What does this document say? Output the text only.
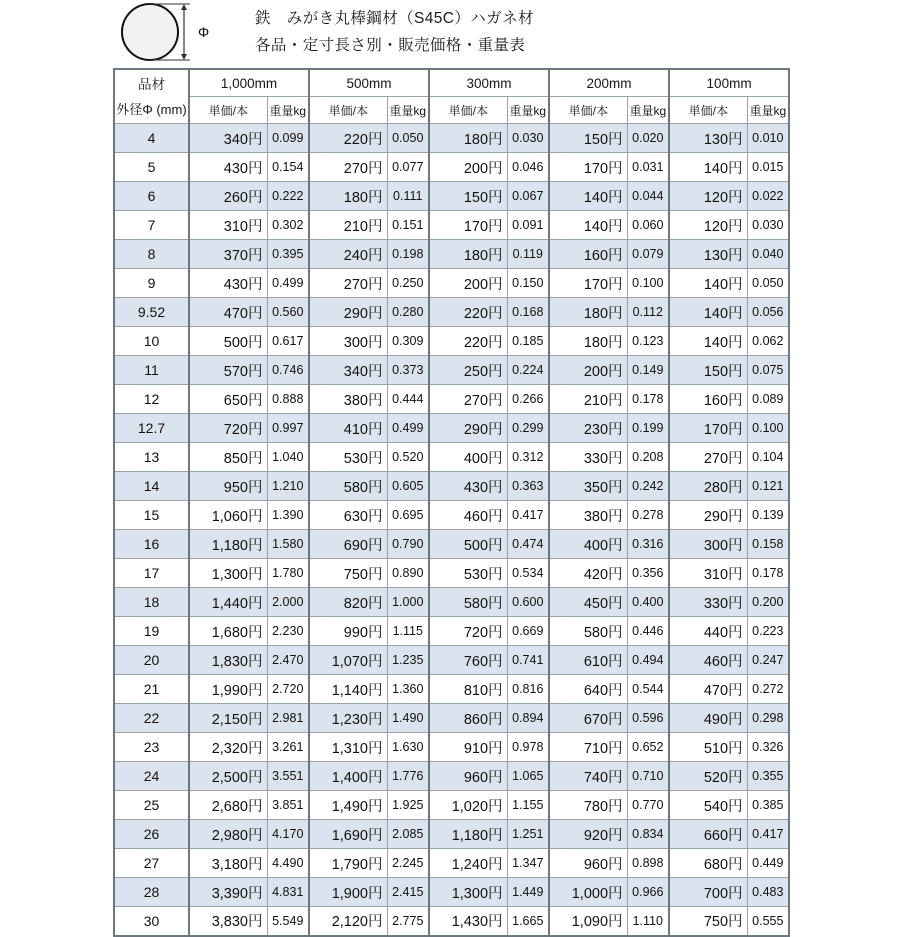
Φ
鉄　みがき丸棒鋼材（S45C）ハガネ材
各品・定寸長さ別・販売価格・重量表
品材
外径Φ (mm)	1,000mm		500mm		300mm		200mm		100mm	
	単価/本	重量kg	単価/本	重量kg	単価/本	重量kg	単価/本	重量kg	単価/本	重量kg
4	340円	0.099	220円	0.050	180円	0.030	150円	0.020	130円	0.010
5	430円	0.154	270円	0.077	200円	0.046	170円	0.031	140円	0.015
6	260円	0.222	180円	0.111	150円	0.067	140円	0.044	120円	0.022
7	310円	0.302	210円	0.151	170円	0.091	140円	0.060	120円	0.030
8	370円	0.395	240円	0.198	180円	0.119	160円	0.079	130円	0.040
9	430円	0.499	270円	0.250	200円	0.150	170円	0.100	140円	0.050
9.52	470円	0.560	290円	0.280	220円	0.168	180円	0.112	140円	0.056
10	500円	0.617	300円	0.309	220円	0.185	180円	0.123	140円	0.062
11	570円	0.746	340円	0.373	250円	0.224	200円	0.149	150円	0.075
12	650円	0.888	380円	0.444	270円	0.266	210円	0.178	160円	0.089
12.7	720円	0.997	410円	0.499	290円	0.299	230円	0.199	170円	0.100
13	850円	1.040	530円	0.520	400円	0.312	330円	0.208	270円	0.104
14	950円	1.210	580円	0.605	430円	0.363	350円	0.242	280円	0.121
15	1,060円	1.390	630円	0.695	460円	0.417	380円	0.278	290円	0.139
16	1,180円	1.580	690円	0.790	500円	0.474	400円	0.316	300円	0.158
17	1,300円	1.780	750円	0.890	530円	0.534	420円	0.356	310円	0.178
18	1,440円	2.000	820円	1.000	580円	0.600	450円	0.400	330円	0.200
19	1,680円	2.230	990円	1.115	720円	0.669	580円	0.446	440円	0.223
20	1,830円	2.470	1,070円	1.235	760円	0.741	610円	0.494	460円	0.247
21	1,990円	2.720	1,140円	1.360	810円	0.816	640円	0.544	470円	0.272
22	2,150円	2.981	1,230円	1.490	860円	0.894	670円	0.596	490円	0.298
23	2,320円	3.261	1,310円	1.630	910円	0.978	710円	0.652	510円	0.326
24	2,500円	3.551	1,400円	1.776	960円	1.065	740円	0.710	520円	0.355
25	2,680円	3.851	1,490円	1.925	1,020円	1.155	780円	0.770	540円	0.385
26	2,980円	4.170	1,690円	2.085	1,180円	1.251	920円	0.834	660円	0.417
27	3,180円	4.490	1,790円	2.245	1,240円	1.347	960円	0.898	680円	0.449
28	3,390円	4.831	1,900円	2.415	1,300円	1.449	1,000円	0.966	700円	0.483
30	3,830円	5.549	2,120円	2.775	1,430円	1.665	1,090円	1.110	750円	0.555
